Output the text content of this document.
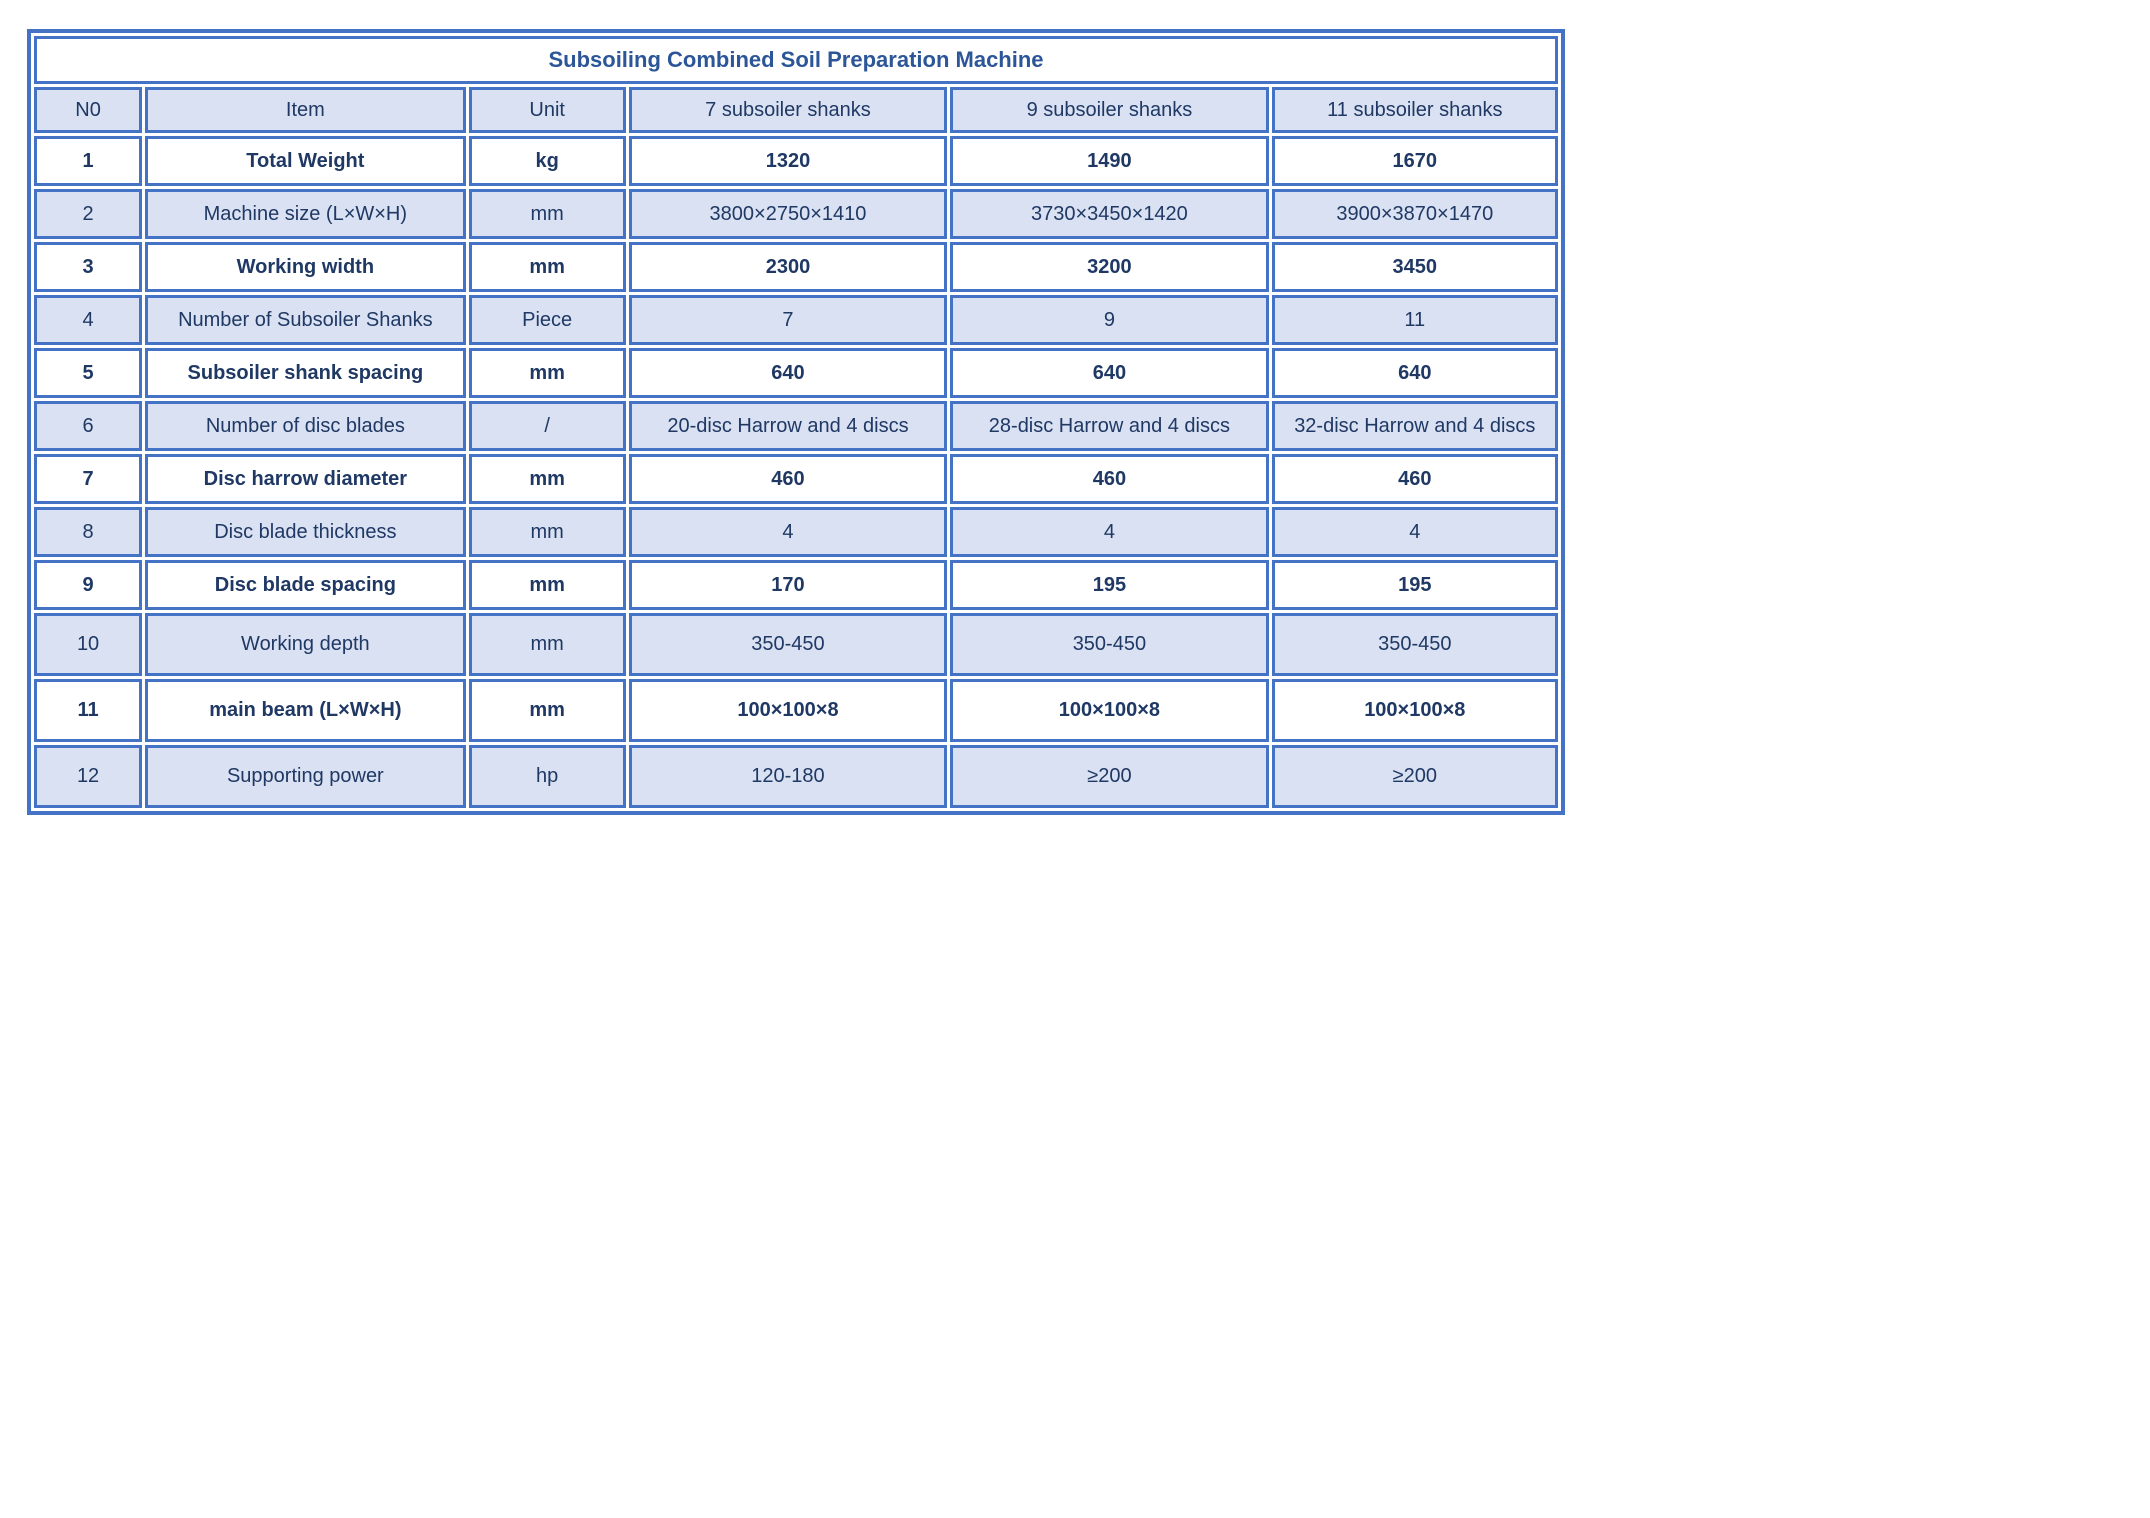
Subsoiling Combined Soil Preparation Machine					
N0	Item	Unit	7 subsoiler shanks	9 subsoiler shanks	11 subsoiler shanks
1	Total Weight	kg	1320	1490	1670
2	Machine size (L×W×H)	mm	3800×2750×1410	3730×3450×1420	3900×3870×1470
3	Working width	mm	2300	3200	3450
4	Number of Subsoiler Shanks	Piece	7	9	11
5	Subsoiler shank spacing	mm	640	640	640
6	Number of disc blades	/	20-disc Harrow and 4 discs	28-disc Harrow and 4 discs	32-disc Harrow and 4 discs
7	Disc harrow diameter	mm	460	460	460
8	Disc blade thickness	mm	4	4	4
9	Disc blade spacing	mm	170	195	195
10	Working depth	mm	350-450	350-450	350-450
11	main beam (L×W×H)	mm	100×100×8	100×100×8	100×100×8
12	Supporting power	hp	120-180	≥200	≥200
